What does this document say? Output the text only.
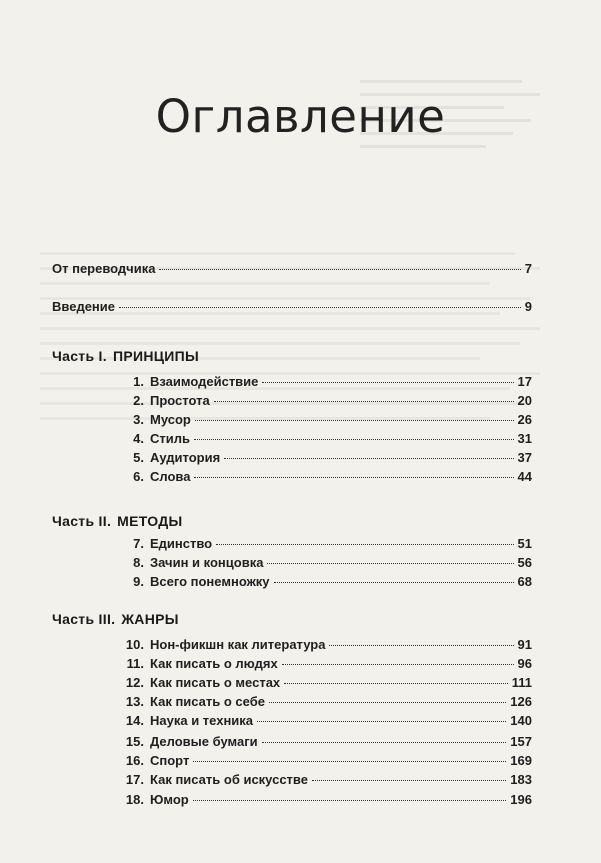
Оглавление
От переводчика	7
Введение	9
Часть I. ПРИНЦИПЫ
1. Взаимодействие	17
2. Простота	20
3. Мусор	26
4. Стиль	31
5. Аудитория	37
6. Слова	44
Часть II. МЕТОДЫ
7. Единство	51
8. Зачин и концовка	56
9. Всего понемножку	68
Часть III. ЖАНРЫ
10. Нон-фикшн как литература	91
11. Как писать о людях	96
12. Как писать о местах	111
13. Как писать о себе	126
14. Наука и техника	140
15. Деловые бумаги	157
16. Спорт	169
17. Как писать об искусстве	183
18. Юмор	196
